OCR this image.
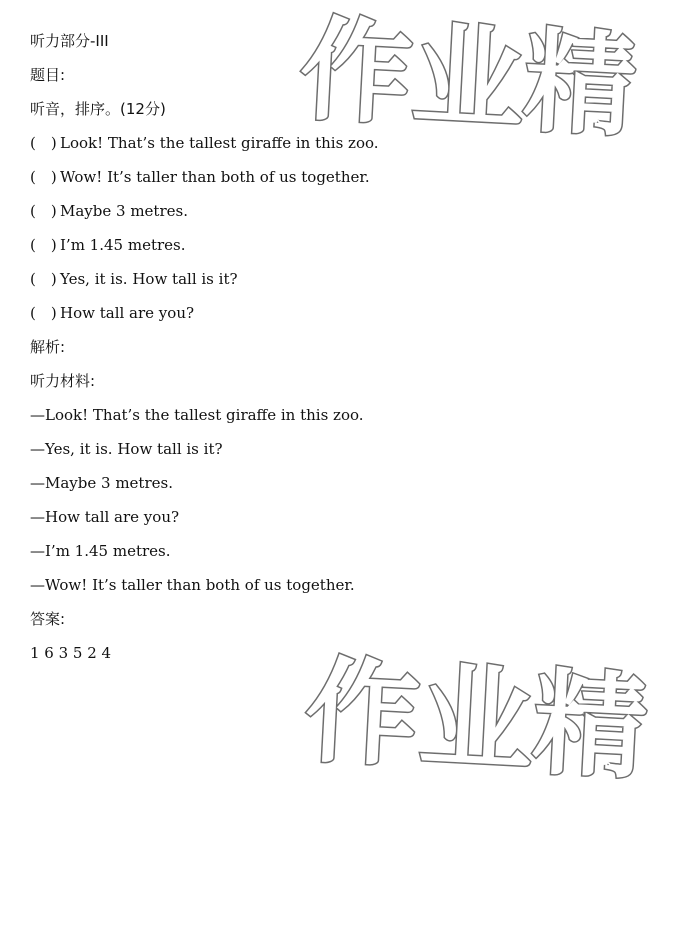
听力部分-III
题目:
听音，排序。(12分)
(　) Look! That’s the tallest giraffe in this zoo.
(　) Wow! It’s taller than both of us together.
(　) Maybe 3 metres.
(　) I’m 1.45 metres.
(　) Yes, it is. How tall is it?
(　) How tall are you?
解析:
听力材料:
—Look! That’s the tallest giraffe in this zoo.
—Yes, it is. How tall is it?
—Maybe 3 metres.
—How tall are you?
—I’m 1.45 metres.
—Wow! It’s taller than both of us together.
答案:
1 6 3 5 2 4
作业精
作业精
